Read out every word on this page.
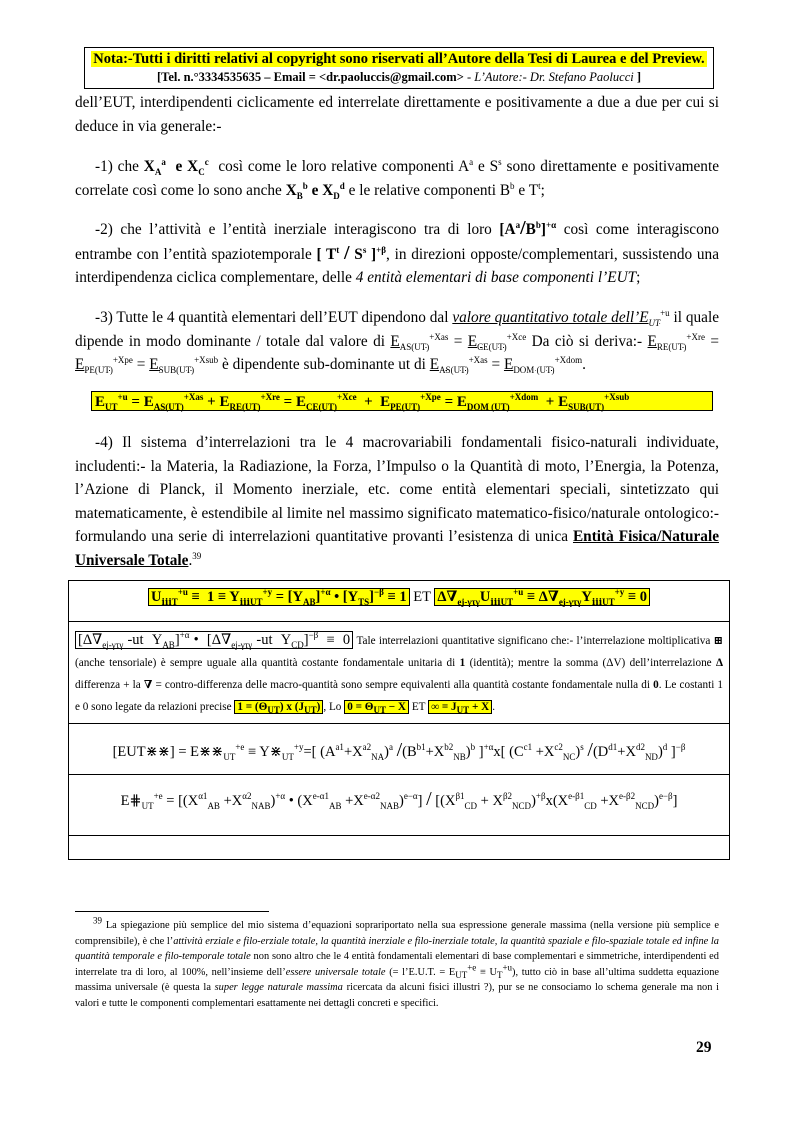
Nota:-Tutti i diritti relativi al copyright sono riservati all’Autore della Tesi di Laurea e del Preview.
[Tel. n.°3334535635 – Email = <dr.paoluccis@gmail.com> - L’Autore:- Dr. Stefano Paolucci ]

dell’EUT, interdipendenti ciclicamente ed interrelate direttamente e positivamente a due a due per cui si deduce in via generale:-

-1) che $X_A^a$ e $X_C^c$ così come le loro relative componenti $A^a$ e $S^s$ sono direttamente e positivamente correlate così come lo sono anche $X_B^b$ e $X_D^d$ e le relative componenti $B^b$ e $T^t$;

-2) che l’attività e l’entità inerziale interagiscono tra di loro $[A^a/B^b]^{+\alpha}$ così come interagiscono entrambe con l’entità spaziotemporale [ $T^t / S^s$ ]$^{+\beta}$, in direzioni opposte/complementari, sussistendo una interdipendenza ciclica complementare, delle 4 entità elementari di base componenti l’EUT;

-3) Tutte le 4 quantità elementari dell’EUT dipendono dal valore quantitativo totale $dell’E_{UT}^{+u}$ il quale dipende in modo dominante / totale dal valore di $E_{AS(UT)}^{+Xas} = E_{CE(UT)}^{+Xce}$ Da ciò si deriva:- $E_{RE(UT)}^{+Xre} = E_{PE(UT)}^{+Xpe} = E_{SUB(UT)}^{+Xsub}$ è dipendente sub-dominante ut di $E_{AS(UT)}^{+Xas} = E_{DOM (UT)}^{+Xdom}$.

$E_{UT}^{+u} = E_{AS(UT)}^{+Xas} + E_{RE(UT)}^{+Xre} = E_{CE(UT)}^{+Xce} + E_{PE(UT)}^{+Xpe} = E_{DOM (UT)}^{+Xdom} + E_{SUB(UT)}^{+Xsub}$

-4) Il sistema d’interrelazioni tra le 4 macrovariabili fondamentali fisico-naturali individuate, includenti:- la Materia, la Radiazione, la Forza, l’Impulso o la Quantità di moto, l’Energia, la Potenza, l’Azione di Planck, il Momento inerziale, etc. come entità elementari speciali, sintetizzato qui matematicamente, è estendibile al limite nel massimo significato matematico-fisico/naturale ontologico:- formulando una serie di interrelazioni quantitative provanti l’esistenza di unica Entità Fisica/Naturale Universale Totale.$^{39}$

$U_{ⅲT}^{+u} \equiv 1 \equiv Y_{ⅲUT}^{+y} = [Y_{AB}]^{+\alpha}$ • $[Y_{TS}]^{-\beta} \equiv 1$ ET $\Delta\nabla_{ej-\gamma\tau\gamma}U_{ⅲUT}^{+u} \equiv \Delta\nabla_{ej-\gamma\tau\gamma}Y_{ⅲUT}^{+y} \equiv 0$
[$\Delta\nabla_{ej-\gamma\tau\gamma}$ -ut  $Y_{AB}]^{+\alpha}$ •  [$\Delta\nabla_{ej-\gamma\tau\gamma}$ -ut  $Y_{CD}]^{-\beta} \equiv 0$ Tale interrelazioni quantitative significano che:- l’interrelazione moltiplicativa ⊞ (anche tensoriale) è sempre uguale alla quantità costante fondamentale unitaria di 1 (identità); mentre la somma (ΔV) dell’interrelazione Δ differenza + la ∇ = contro-differenza delle macro-quantità sono sempre equivalenti alla quantità costante fondamentale nulla di 0. Le costanti 1 e 0 sono legate da relazioni precise $1 = (\Theta_{UT})$ x $(J_{UT})$ , Lo $0 = \Theta_{UT} - X$ ET ∞ = $J_{UT} + X$ .
[EUT⋇⋇] = $E⋇⋇_{UT}^{+e}$ ≡ $Y⋇_{UT}^{+y}=$[ $(A^{a1}+X^{a2}_{NA})^a$ $/(B^{b1}+X^{b2}_{NB})^b$ ]$^{+\alpha}$x[ $(C^{c1} +X^{c2}_{NC})^s$ $/(D^{d1}+X^{d2}_{ND})^d$ ]$^{-\beta}$
$E⋕_{UT}^{+e} = [(X^{\alpha 1}_{AB} +X^{\alpha 2}_{NAB})^{+\alpha}$ • $(X^{e-\alpha 1}_{AB} +X^{e-\alpha 2}_{NAB})^{e-\alpha}] / [(X^{\beta 1}_{CD} + X^{\beta 2}_{NCD})^{+\beta}x(X^{e-\beta 1}_{CD} +X^{e-\beta 2}_{NCD})^{e-\beta}]$

$^{39}$ La spiegazione più semplice del mio sistema d’equazioni soprariportato nella sua espressione generale massima (nella versione più semplice e comprensibile), è che l’attività erziale e filo-erziale totale, la quantità inerziale e filo-inerziale totale, la quantità spaziale e filo-spaziale totale ed infine la quantità temporale e filo-temporale totale non sono altro che le 4 entità fondamentali elementari di base complementari e simmetriche, interdipendenti ed interrelate tra di loro, al 100%, nell’insieme dell’essere universale totale (= l’E.U.T. = $E_{UT}^{+e} \equiv U_T^{+u}$), tutto ciò in base all’ultima suddetta equazione massima universale (è questa la super legge naturale massima ricercata da alcuni fisici illustri ?), pur se ne consociamo lo schema generale ma non i valori e tutte le componenti complementari esattamente nei dettagli concreti e specifici.

29
